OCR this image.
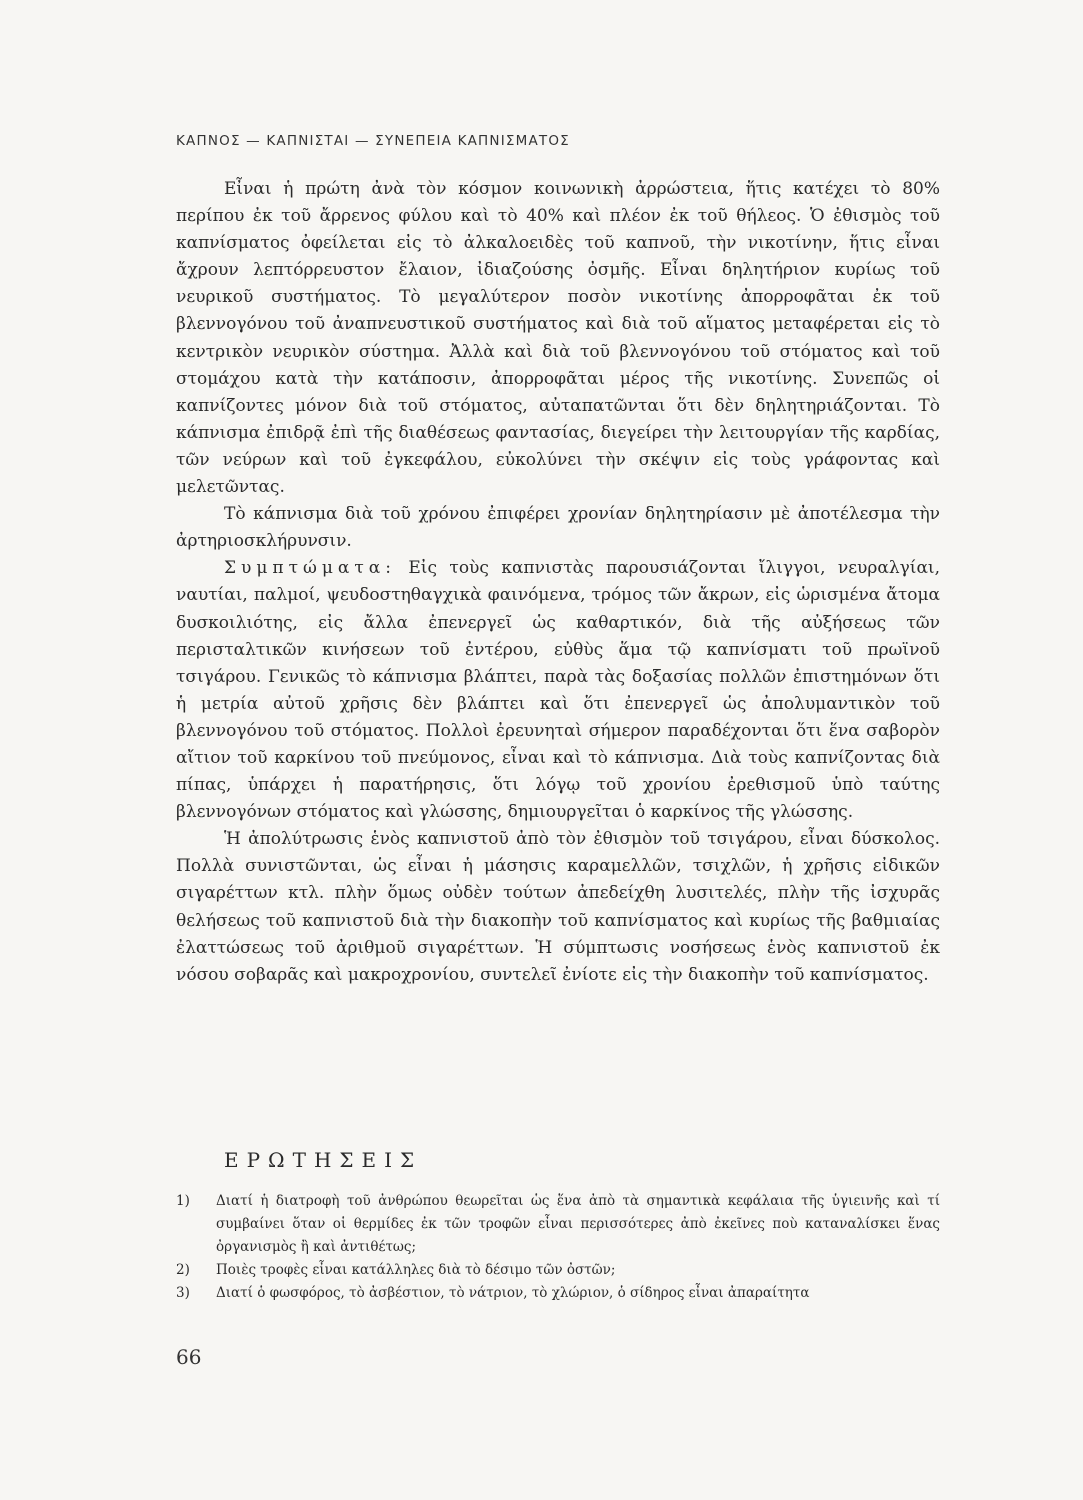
ΚΑΠΝΟΣ — ΚΑΠΝΙΣΤΑΙ — ΣΥΝΕΠΕΙΑ ΚΑΠΝΙΣΜΑΤΟΣ

Εἶναι ἡ πρώτη ἀνὰ τὸν κόσμον κοινωνικὴ ἀρρώστεια, ἥτις κατέχει τὸ 80% περίπου ἐκ τοῦ ἄρρενος φύλου καὶ τὸ 40% καὶ πλέον ἐκ τοῦ θήλεος. Ὁ ἐθισμὸς τοῦ καπνίσματος ὀφείλεται εἰς τὸ ἀλκαλοειδὲς τοῦ καπνοῦ, τὴν νικοτίνην, ἥτις εἶναι ἄχρουν λεπτόρρευστον ἔλαιον, ἰδιαζούσης ὀσμῆς. Εἶναι δηλητήριον κυρίως τοῦ νευρικοῦ συστήματος. Τὸ μεγαλύτερον ποσὸν νικοτίνης ἀπορροφᾶται ἐκ τοῦ βλεννογόνου τοῦ ἀναπνευστικοῦ συστήματος καὶ διὰ τοῦ αἵματος μεταφέρεται εἰς τὸ κεντρικὸν νευρικὸν σύστημα. Ἀλλὰ καὶ διὰ τοῦ βλεννογόνου τοῦ στόματος καὶ τοῦ στομάχου κατὰ τὴν κατάποσιν, ἀπορροφᾶται μέρος τῆς νικοτίνης. Συνεπῶς οἱ καπνίζοντες μόνον διὰ τοῦ στόματος, αὐταπατῶνται ὅτι δὲν δηλητηριάζονται. Τὸ κάπνισμα ἐπιδρᾷ ἐπὶ τῆς διαθέσεως φαντασίας, διεγείρει τὴν λειτουργίαν τῆς καρδίας, τῶν νεύρων καὶ τοῦ ἐγκεφάλου, εὐκολύνει τὴν σκέψιν εἰς τοὺς γράφοντας καὶ μελετῶντας.

Τὸ κάπνισμα διὰ τοῦ χρόνου ἐπιφέρει χρονίαν δηλητηρίασιν μὲ ἀποτέλεσμα τὴν ἀρτηριοσκλήρυνσιν.

Συμπτώματα: Εἰς τοὺς καπνιστὰς παρουσιάζονται ἴλιγγοι, νευραλγίαι, ναυτίαι, παλμοί, ψευδοστηθαγχικὰ φαινόμενα, τρόμος τῶν ἄκρων, εἰς ὡρισμένα ἄτομα δυσκοιλιότης, εἰς ἄλλα ἐπενεργεῖ ὡς καθαρτικόν, διὰ τῆς αὐξήσεως τῶν περισταλτικῶν κινήσεων τοῦ ἐντέρου, εὐθὺς ἅμα τῷ καπνίσματι τοῦ πρωϊνοῦ τσιγάρου. Γενικῶς τὸ κάπνισμα βλάπτει, παρὰ τὰς δοξασίας πολλῶν ἐπιστημόνων ὅτι ἡ μετρία αὐτοῦ χρῆσις δὲν βλάπτει καὶ ὅτι ἐπενεργεῖ ὡς ἀπολυμαντικὸν τοῦ βλεννογόνου τοῦ στόματος. Πολλοὶ ἐρευνηταὶ σήμερον παραδέχονται ὅτι ἕνα σαβορὸν αἴτιον τοῦ καρκίνου τοῦ πνεύμονος, εἶναι καὶ τὸ κάπνισμα. Διὰ τοὺς καπνίζοντας διὰ πίπας, ὑπάρχει ἡ παρατήρησις, ὅτι λόγῳ τοῦ χρονίου ἐρεθισμοῦ ὑπὸ ταύτης βλεννογόνων στόματος καὶ γλώσσης, δημιουργεῖται ὁ καρκίνος τῆς γλώσσης.

Ἡ ἀπολύτρωσις ἑνὸς καπνιστοῦ ἀπὸ τὸν ἐθισμὸν τοῦ τσιγάρου, εἶναι δύσκολος. Πολλὰ συνιστῶνται, ὡς εἶναι ἡ μάσησις καραμελλῶν, τσιχλῶν, ἡ χρῆσις εἰδικῶν σιγαρέττων κτλ. πλὴν ὅμως οὐδὲν τούτων ἀπεδείχθη λυσιτελές, πλὴν τῆς ἰσχυρᾶς θελήσεως τοῦ καπνιστοῦ διὰ τὴν διακοπὴν τοῦ καπνίσματος καὶ κυρίως τῆς βαθμιαίας ἐλαττώσεως τοῦ ἀριθμοῦ σιγαρέττων. Ἡ σύμπτωσις νοσήσεως ἑνὸς καπνιστοῦ ἐκ νόσου σοβαρᾶς καὶ μακροχρονίου, συντελεῖ ἐνίοτε εἰς τὴν διακοπὴν τοῦ καπνίσματος.

ΕΡΩΤΗΣΕΙΣ
1)	Διατί ἡ διατροφὴ τοῦ ἀνθρώπου θεωρεῖται ὡς ἕνα ἀπὸ τὰ σημαντικὰ κεφάλαια τῆς ὑγιεινῆς καὶ τί συμβαίνει ὅταν οἱ θερμίδες ἐκ τῶν τροφῶν εἶναι περισσότερες ἀπὸ ἐκεῖνες ποὺ καταναλίσκει ἕνας ὀργανισμὸς ἢ καὶ ἀντιθέτως;
2)	Ποιὲς τροφὲς εἶναι κατάλληλες διὰ τὸ δέσιμο τῶν ὀστῶν;
3)	Διατί ὁ φωσφόρος, τὸ ἀσβέστιον, τὸ νάτριον, τὸ χλώριον, ὁ σίδηρος εἶναι ἀπαραίτητα
66
